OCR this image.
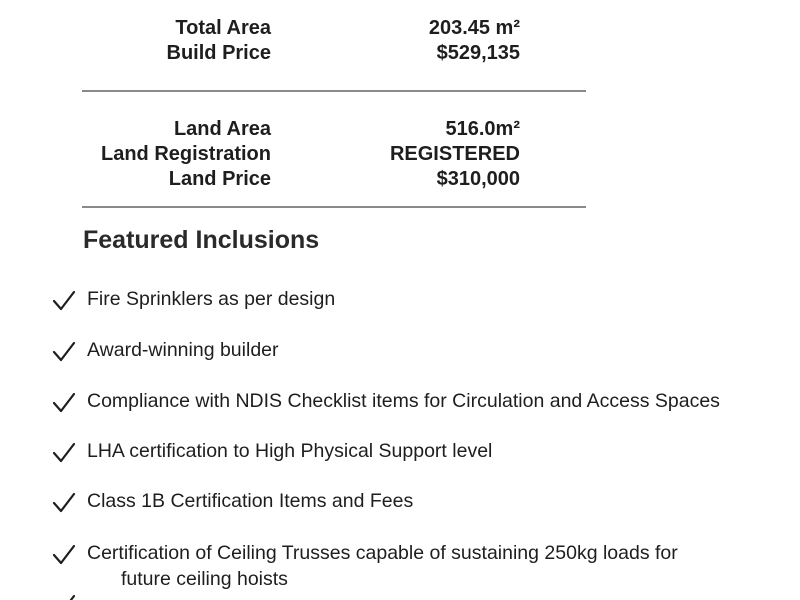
Total Area	203.45 m²
Build Price	$529,135
Land Area	516.0m²
Land Registration	REGISTERED
Land Price	$310,000
Featured Inclusions
Fire Sprinklers as per design
Award-winning builder
Compliance with NDIS Checklist items for Circulation and Access Spaces
LHA certification to High Physical Support level
Class 1B Certification Items and Fees
Certification of Ceiling Trusses capable of sustaining 250kg loads for
future ceiling hoists
